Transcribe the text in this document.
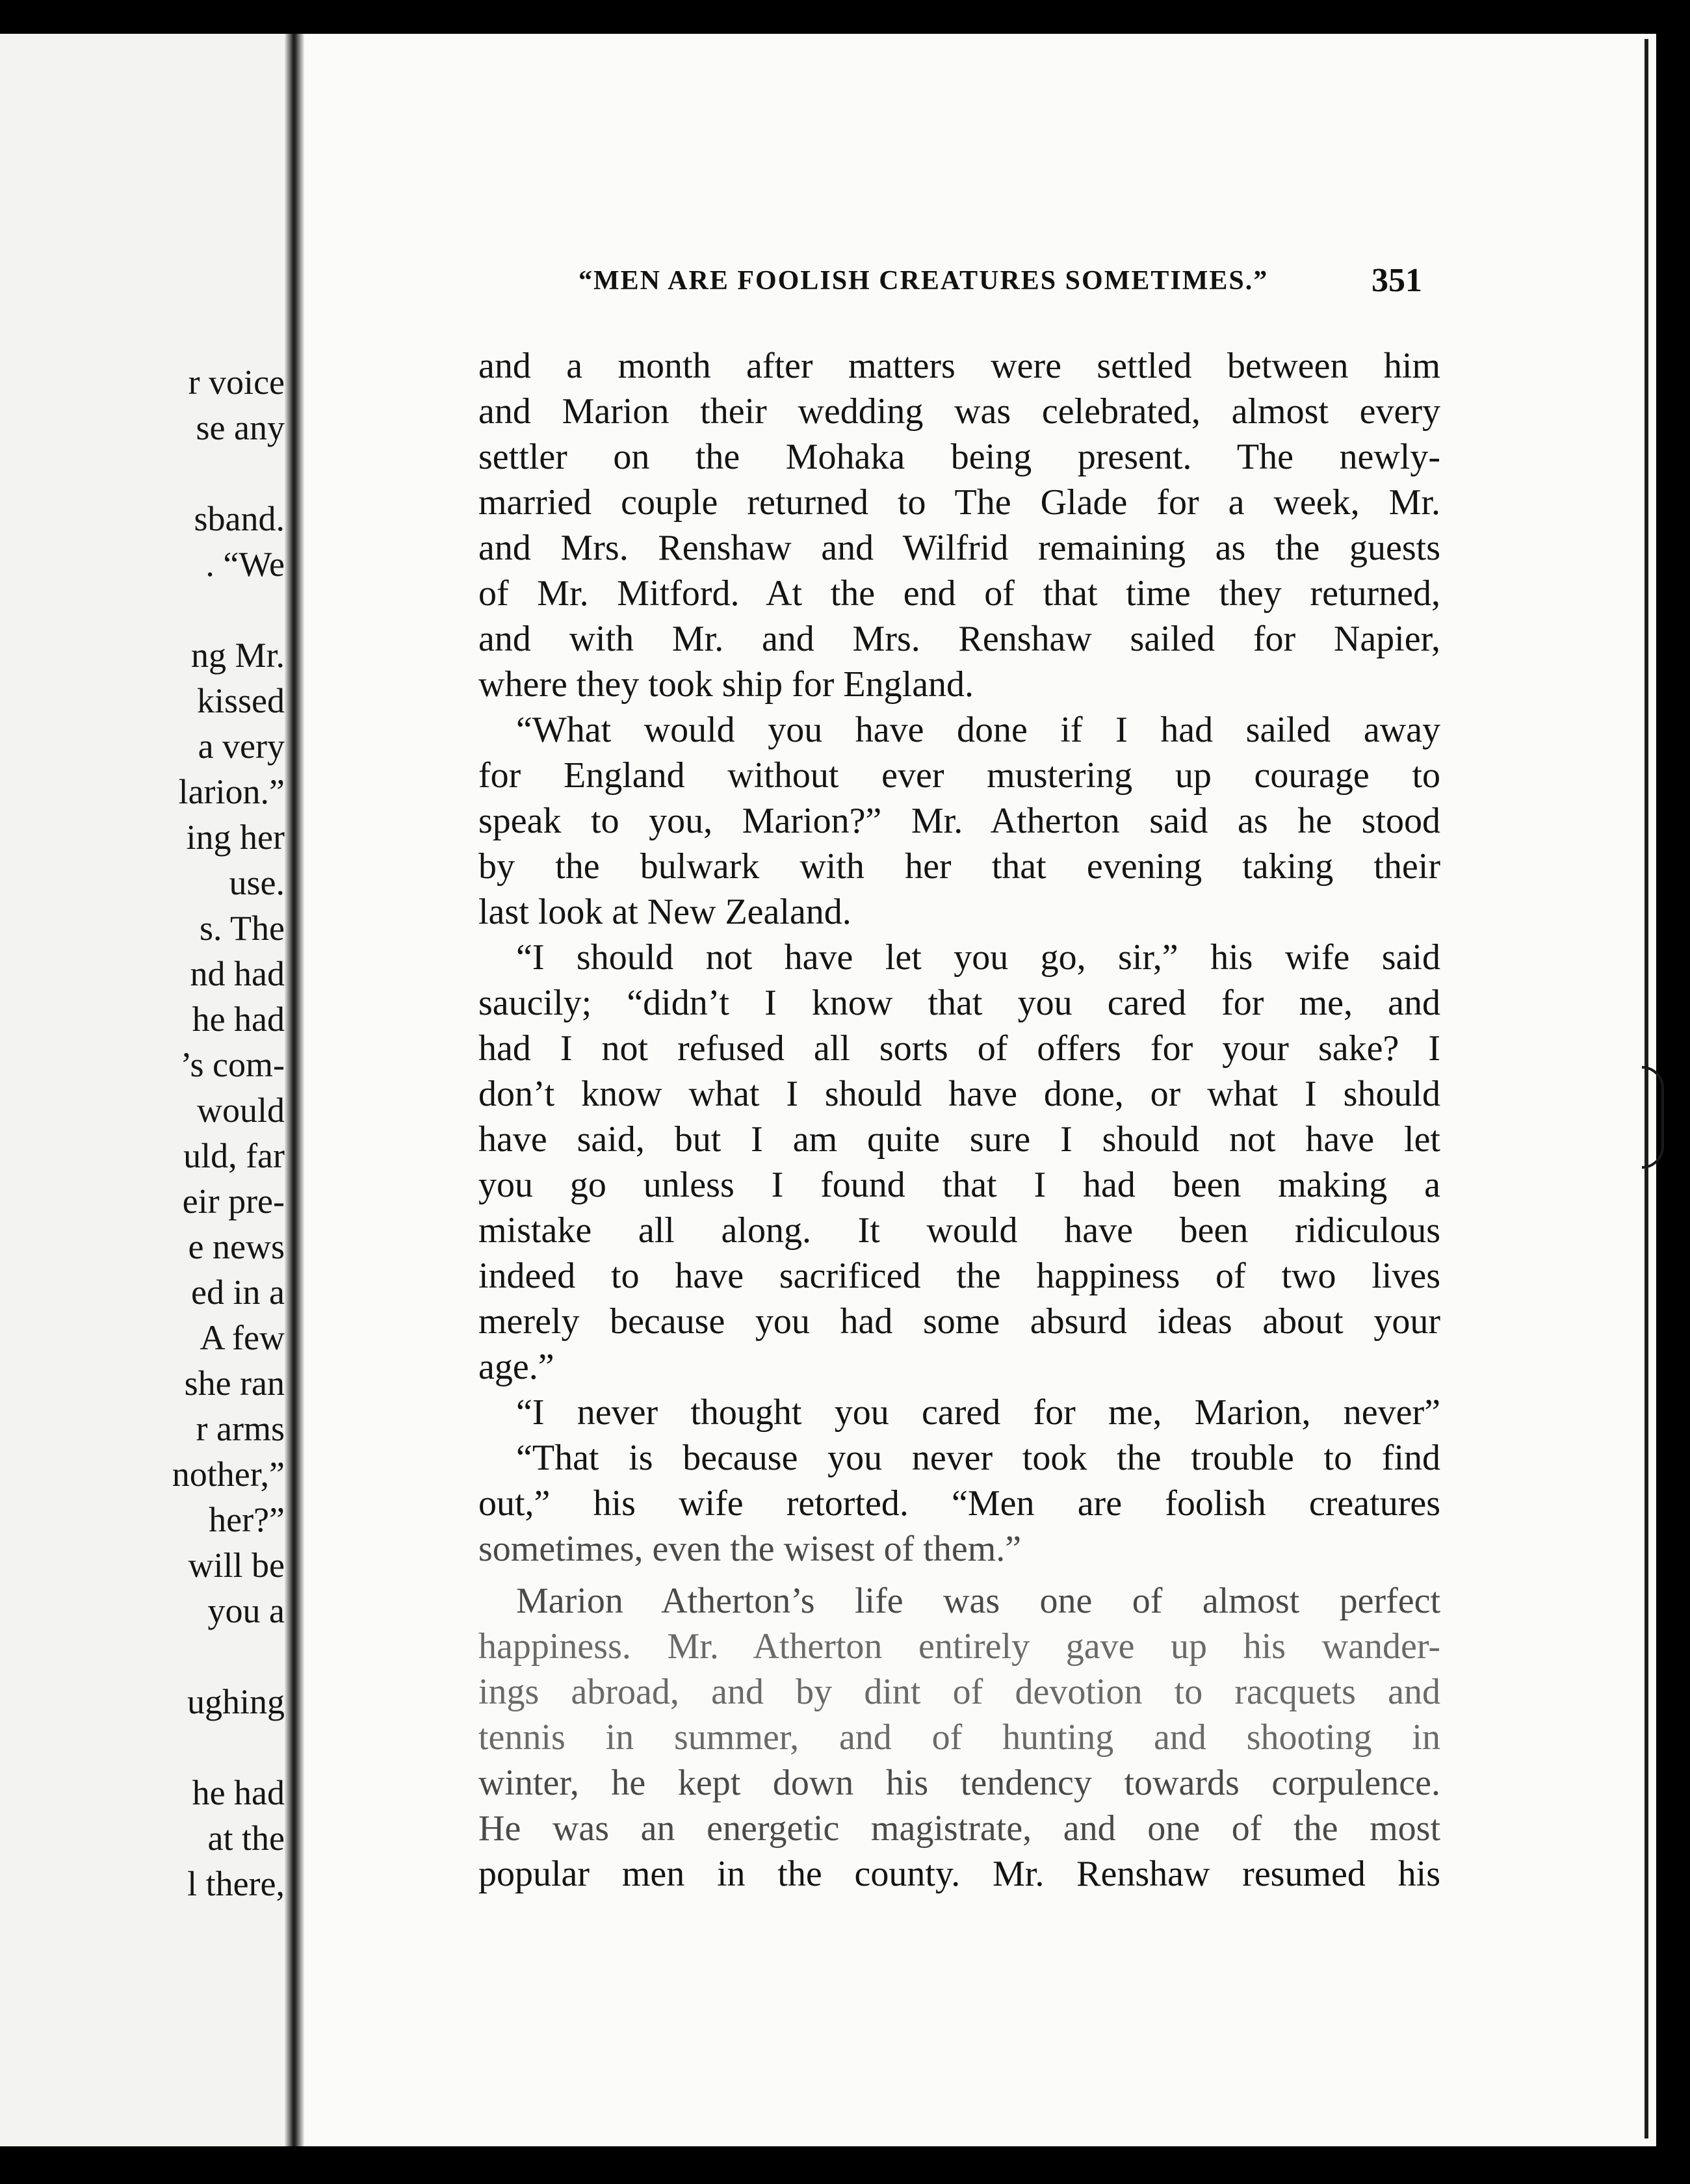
r voice
se any
sband.
. “We
ng Mr.
kissed
a very
larion.”
ing her
use.
s. The
nd had
he had
’s com-
would
uld, far
eir pre-
e news
ed in a
A few
she ran
r arms
nother,”
her?”
will be
you a
ughing
he had
at the
l there,
“MEN ARE FOOLISH CREATURES SOMETIMES.”	351
and a month after matters were settled between him
and Marion their wedding was celebrated, almost every
settler on the Mohaka being present. The newly-
married couple returned to The Glade for a week, Mr.
and Mrs. Renshaw and Wilfrid remaining as the guests
of Mr. Mitford. At the end of that time they returned,
and with Mr. and Mrs. Renshaw sailed for Napier,
where they took ship for England.
“What would you have done if I had sailed away
for England without ever mustering up courage to
speak to you, Marion?” Mr. Atherton said as he stood
by the bulwark with her that evening taking their
last look at New Zealand.
“I should not have let you go, sir,” his wife said
saucily; “didn’t I know that you cared for me, and
had I not refused all sorts of offers for your sake? I
don’t know what I should have done, or what I should
have said, but I am quite sure I should not have let
you go unless I found that I had been making a
mistake all along. It would have been ridiculous
indeed to have sacrificed the happiness of two lives
merely because you had some absurd ideas about your
age.”
“I never thought you cared for me, Marion, never”
“That is because you never took the trouble to find
out,” his wife retorted. “Men are foolish creatures
sometimes, even the wisest of them.”
Marion Atherton’s life was one of almost perfect
happiness. Mr. Atherton entirely gave up his wander-
ings abroad, and by dint of devotion to racquets and
tennis in summer, and of hunting and shooting in
winter, he kept down his tendency towards corpulence.
He was an energetic magistrate, and one of the most
popular men in the county. Mr. Renshaw resumed his
